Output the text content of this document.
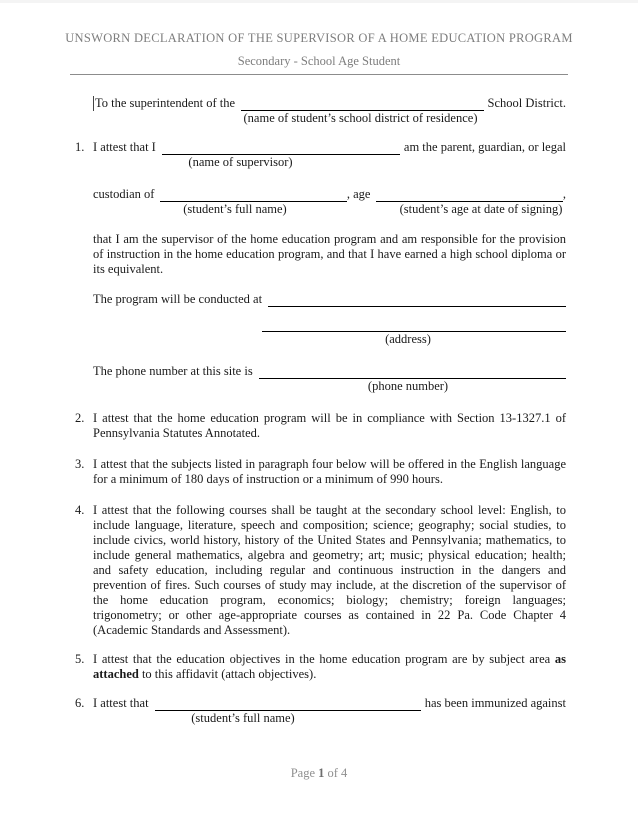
UNSWORN DECLARATION OF THE SUPERVISOR OF A HOME EDUCATION PROGRAM
Secondary - School Age Student
To the superintendent of the	School District.
(name of student’s school district of residence)
1. I attest that I	am the parent, guardian, or legal
(name of supervisor)
custodian of	, age	,
(student’s full name)	(student’s age at date of signing)
that I am the supervisor of the home education program and am responsible for the provision of instruction in the home education program, and that I have earned a high school diploma or its equivalent.
The program will be conducted at
(address)
The phone number at this site is
(phone number)
2. I attest that the home education program will be in compliance with Section 13-1327.1 of Pennsylvania Statutes Annotated.
3. I attest that the subjects listed in paragraph four below will be offered in the English language for a minimum of 180 days of instruction or a minimum of 990 hours.
4. I attest that the following courses shall be taught at the secondary school level: English, to include language, literature, speech and composition; science; geography; social studies, to include civics, world history, history of the United States and Pennsylvania; mathematics, to include general mathematics, algebra and geometry; art; music; physical education; health; and safety education, including regular and continuous instruction in the dangers and prevention of fires. Such courses of study may include, at the discretion of the supervisor of the home education program, economics; biology; chemistry; foreign languages; trigonometry; or other age-appropriate courses as contained in 22 Pa. Code Chapter 4 (Academic Standards and Assessment).
5. I attest that the education objectives in the home education program are by subject area as attached to this affidavit (attach objectives).
6. I attest that	has been immunized against
(student’s full name)
Page 1 of 4
